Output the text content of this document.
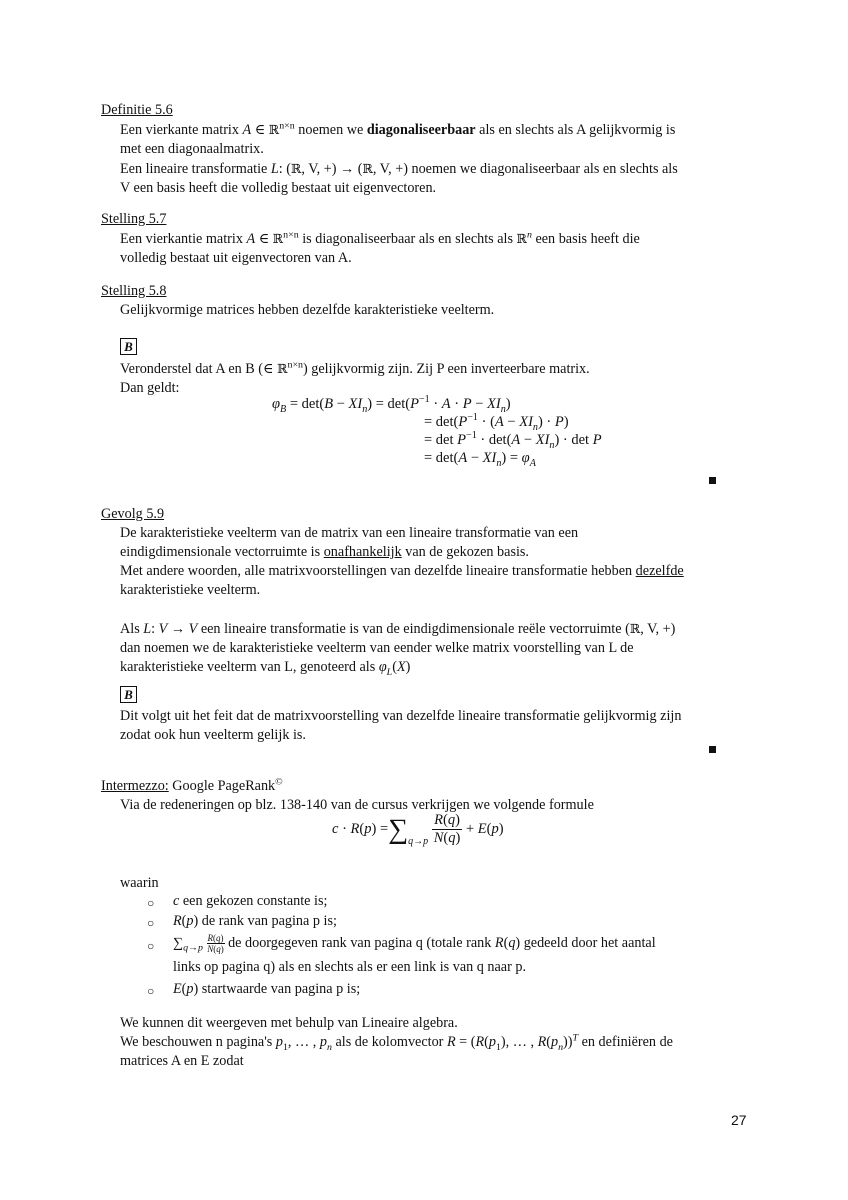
Definitie 5.6
Een vierkante matrix A ∈ ℝ$^{n\times n}$ noemen we diagonaliseerbaar als en slechts als A gelijkvormig is
met een diagonaalmatrix.
Een lineaire transformatie L: (ℝ, V, +) → (ℝ, V, +) noemen we diagonaliseerbaar als en slechts als
V een basis heeft die volledig bestaat uit eigenvectoren.
Stelling 5.7
Een vierkantie matrix A ∈ ℝ$^{n\times n}$ is diagonaliseerbaar als en slechts als ℝ$^n$ een basis heeft die
volledig bestaat uit eigenvectoren van A.
Stelling 5.8
Gelijkvormige matrices hebben dezelfde karakteristieke veelterm.
B
Veronderstel dat A en B (∈ ℝ$^{n\times n}$) gelijkvormig zijn. Zij P een inverteerbare matrix.
Dan geldt:
$\varphi_B = \det(B - XI_n) = \det(P^{-1} \cdot A \cdot P - XI_n)$
= $\det(P^{-1} \cdot (A - XI_n) \cdot P)$
= $\det P^{-1} \cdot \det(A - XI_n) \cdot \det P$
= $\det(A - XI_n) = \varphi_A$
Gevolg 5.9
De karakteristieke veelterm van de matrix van een lineaire transformatie van een
eindigdimensionale vectorruimte is onafhankelijk van de gekozen basis.
Met andere woorden, alle matrixvoorstellingen van dezelfde lineaire transformatie hebben dezelfde
karakteristieke veelterm.
Als L: V → V een lineaire transformatie is van de eindigdimensionale reële vectorruimte (ℝ, V, +)
dan noemen we de karakteristieke veelterm van eender welke matrix voorstelling van L de
karakteristieke veelterm van L, genoteerd als $\varphi_L(X)$
B
Dit volgt uit het feit dat de matrixvoorstelling van dezelfde lineaire transformatie gelijkvormig zijn
zodat ook hun veelterm gelijk is.
Intermezzo: Google PageRank©
Via de redeneringen op blz. 138-140 van de cursus verkrijgen we volgende formule
$c \cdot R(p) =\sum q\to p \frac{R(q)}{N(q)} + E(p)$
waarin
○ c een gekozen constante is;
○ R(p) de rank van pagina p is;
○ $\sum_{q\to p} \frac{R(q)}{N(q)}$ de doorgegeven rank van pagina q (totale rank R(q) gedeeld door het aantal
links op pagina q) als en slechts als er een link is van q naar p.
○ E(p) startwaarde van pagina p is;
We kunnen dit weergeven met behulp van Lineaire algebra.
We beschouwen n pagina's $p_1$, … , $p_n$ als de kolomvector $R = (R(p_1)$, … , $R(p_n))^T$ en definiëren de
matrices A en E zodat
27
